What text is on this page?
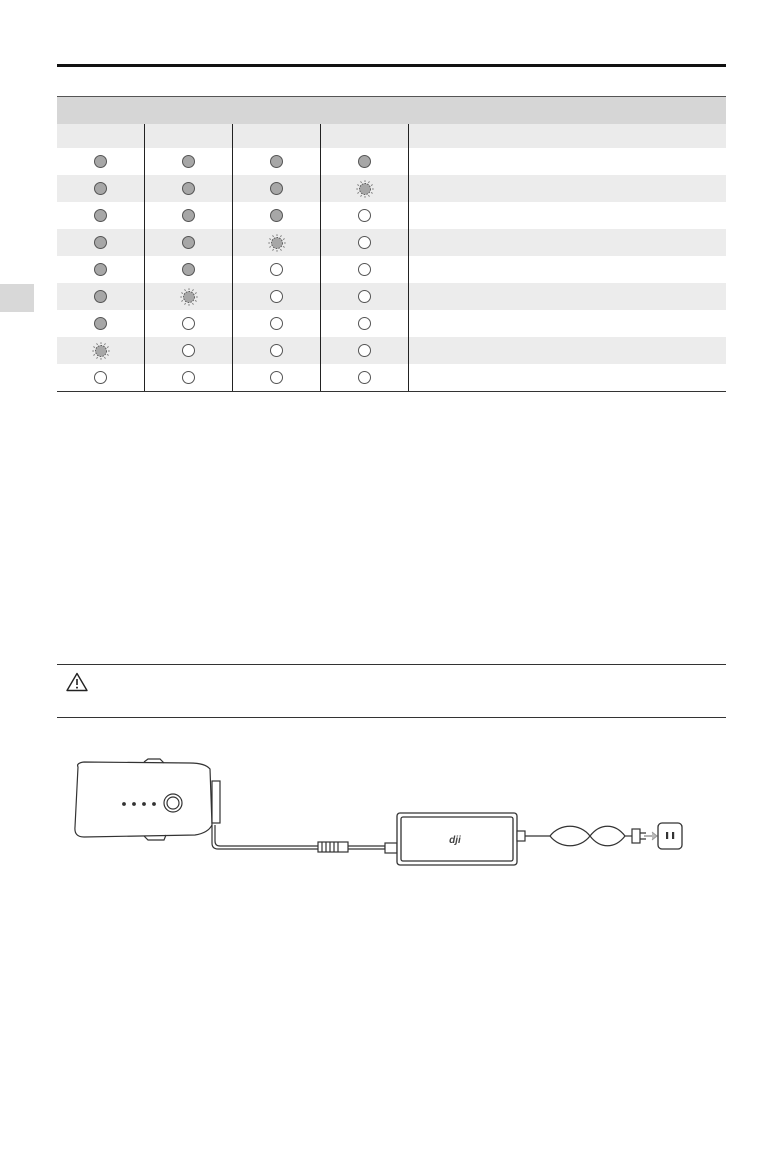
dji
